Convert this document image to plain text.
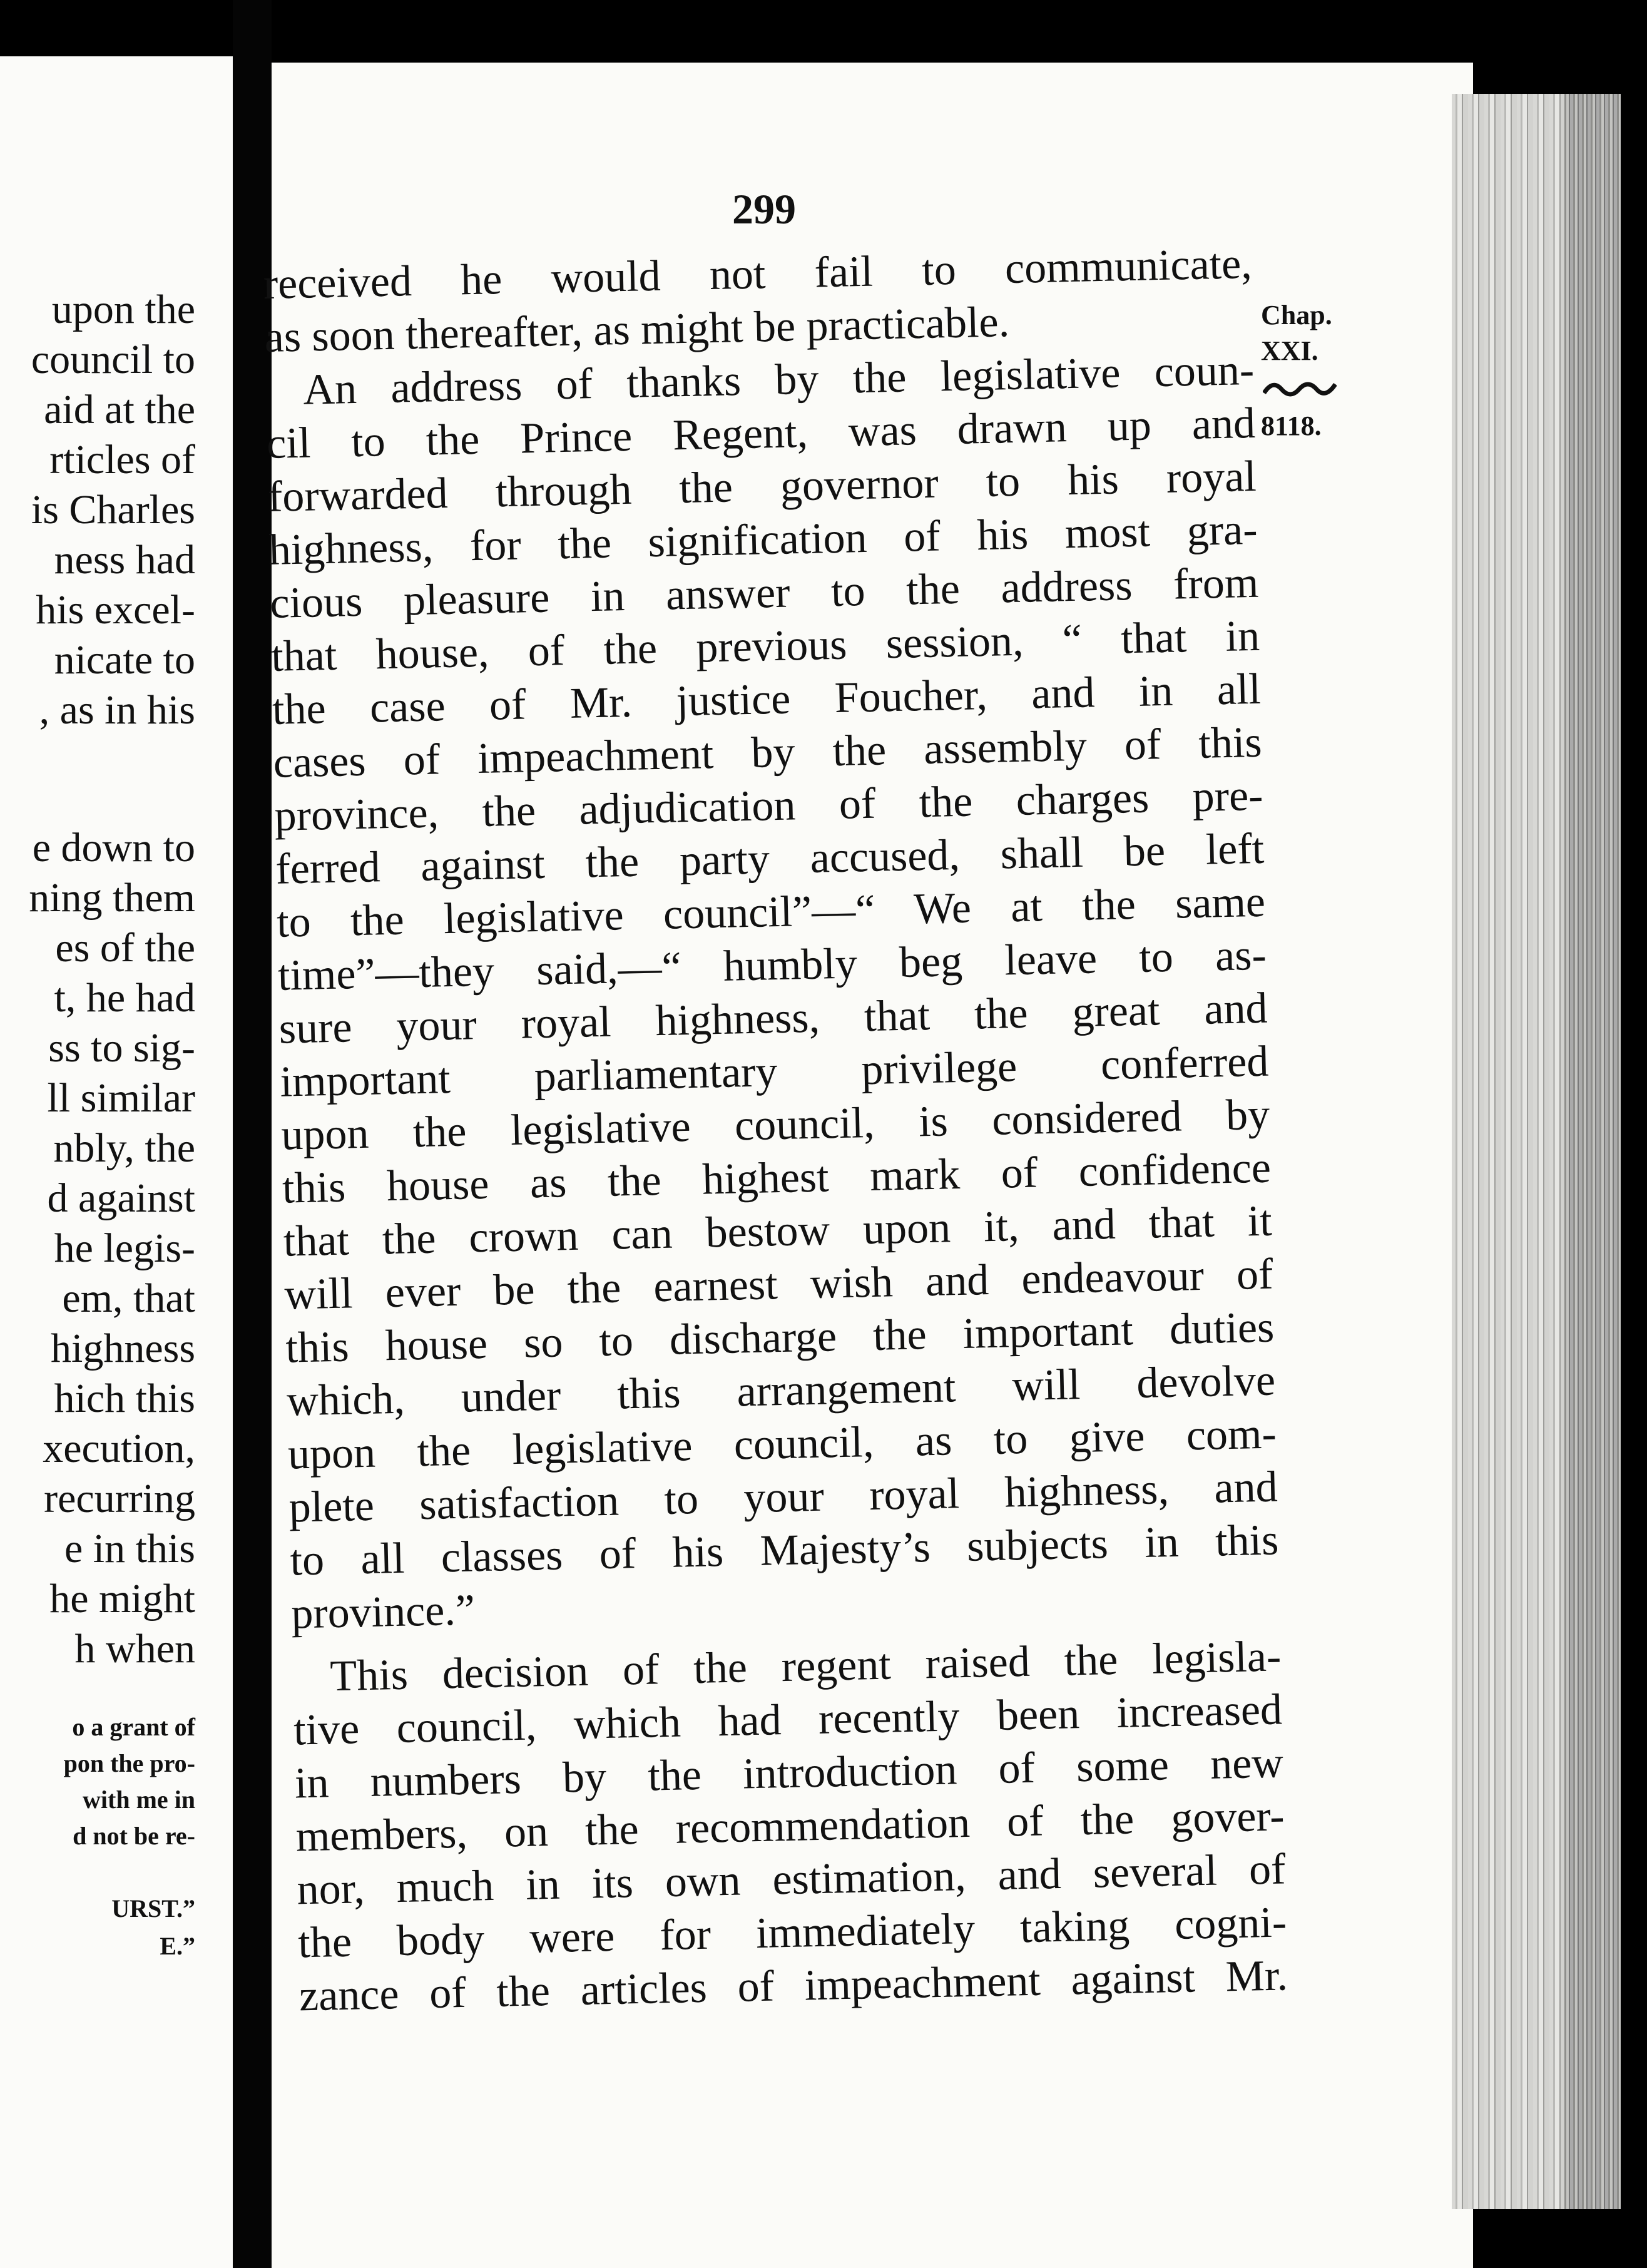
upon the
council to
aid at the
rticles of
is Charles
ness had
his excel-
nicate to
, as in his
e down to
ning them
es of the
t, he had
ss to sig-
ll similar
nbly, the
d against
he legis-
em, that
highness
hich this
xecution,
recurring
e in this
he might
h when
o a grant of
pon the pro-
with me in
d not be re-
URST.”
E.”
299
Chap.
XXI.
8118.
received he would not fail to communicate,
as soon thereafter, as might be practicable.
An address of thanks by the legislative coun-
cil to the Prince Regent, was drawn up and
forwarded through the governor to his royal
highness, for the signification of his most gra-
cious pleasure in answer to the address from
that house, of the previous session, “ that in
the case of Mr. justice Foucher, and in all
cases of impeachment by the assembly of this
province, the adjudication of the charges pre-
ferred against the party accused, shall be left
to the legislative council”—“ We at the same
time”—they said,—“ humbly beg leave to as-
sure your royal highness, that the great and
important parliamentary privilege conferred
upon the legislative council, is considered by
this house as the highest mark of confidence
that the crown can bestow upon it, and that it
will ever be the earnest wish and endeavour of
this house so to discharge the important duties
which, under this arrangement will devolve
upon the legislative council, as to give com-
plete satisfaction to your royal highness, and
to all classes of his Majesty’s subjects in this
province.”
This decision of the regent raised the legisla-
tive council, which had recently been increased
in numbers by the introduction of some new
members, on the recommendation of the gover-
nor, much in its own estimation, and several of
the body were for immediately taking cogni-
zance of the articles of impeachment against Mr.
